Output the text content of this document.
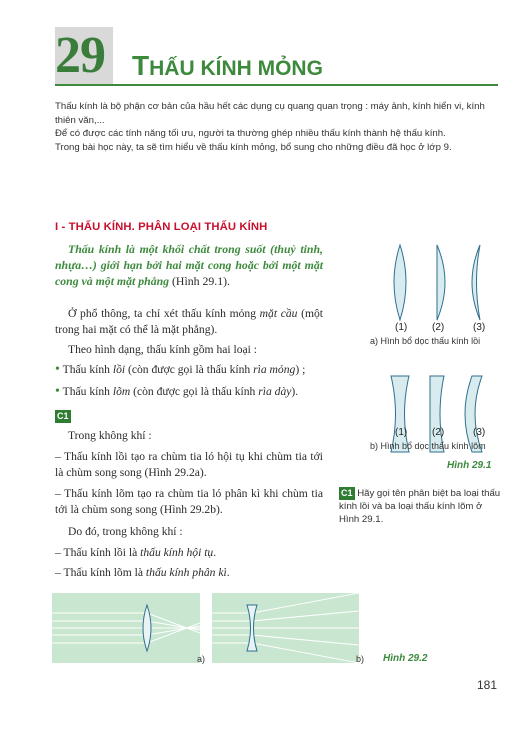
29 THẤU KÍNH MỎNG
Thấu kính là bộ phận cơ bản của hầu hết các dụng cụ quang quan trọng : máy ảnh, kính hiển vi, kính thiên văn,...
Để có được các tính năng tối ưu, người ta thường ghép nhiều thấu kính thành hệ thấu kính.
Trong bài học này, ta sẽ tìm hiểu về thấu kính mỏng, bổ sung cho những điều đã học ở lớp 9.
I - THẤU KÍNH. PHÂN LOẠI THẤU KÍNH
Thấu kính là một khối chất trong suốt (thuỷ tinh, nhựa…) giới hạn bởi hai mặt cong hoặc bởi một mặt cong và một mặt phẳng (Hình 29.1).
Ở phổ thông, ta chỉ xét thấu kính mỏng mặt cầu (một trong hai mặt có thể là mặt phẳng).
Theo hình dạng, thấu kính gồm hai loại :
• Thấu kính lồi (còn được gọi là thấu kính rìa mỏng) ;
• Thấu kính lõm (còn được gọi là thấu kính rìa dày).
C1
Trong không khí :
– Thấu kính lồi tạo ra chùm tia ló hội tụ khi chùm tia tới là chùm song song (Hình 29.2a).
– Thấu kính lõm tạo ra chùm tia ló phân kì khi chùm tia tới là chùm song song (Hình 29.2b).
Do đó, trong không khí :
– Thấu kính lồi là thấu kính hội tụ.
– Thấu kính lõm là thấu kính phân kì.
(1) (2)	(3)
a) Hình bổ dọc thấu kính lồi
(1) (2)	(3)
b) Hình bổ dọc thấu kính lõm
Hình 29.1
C1 Hãy gọi tên phân biệt ba loại thấu kính lồi và ba loại thấu kính lõm ở Hình 29.1.
a)	b) Hình 29.2
181
